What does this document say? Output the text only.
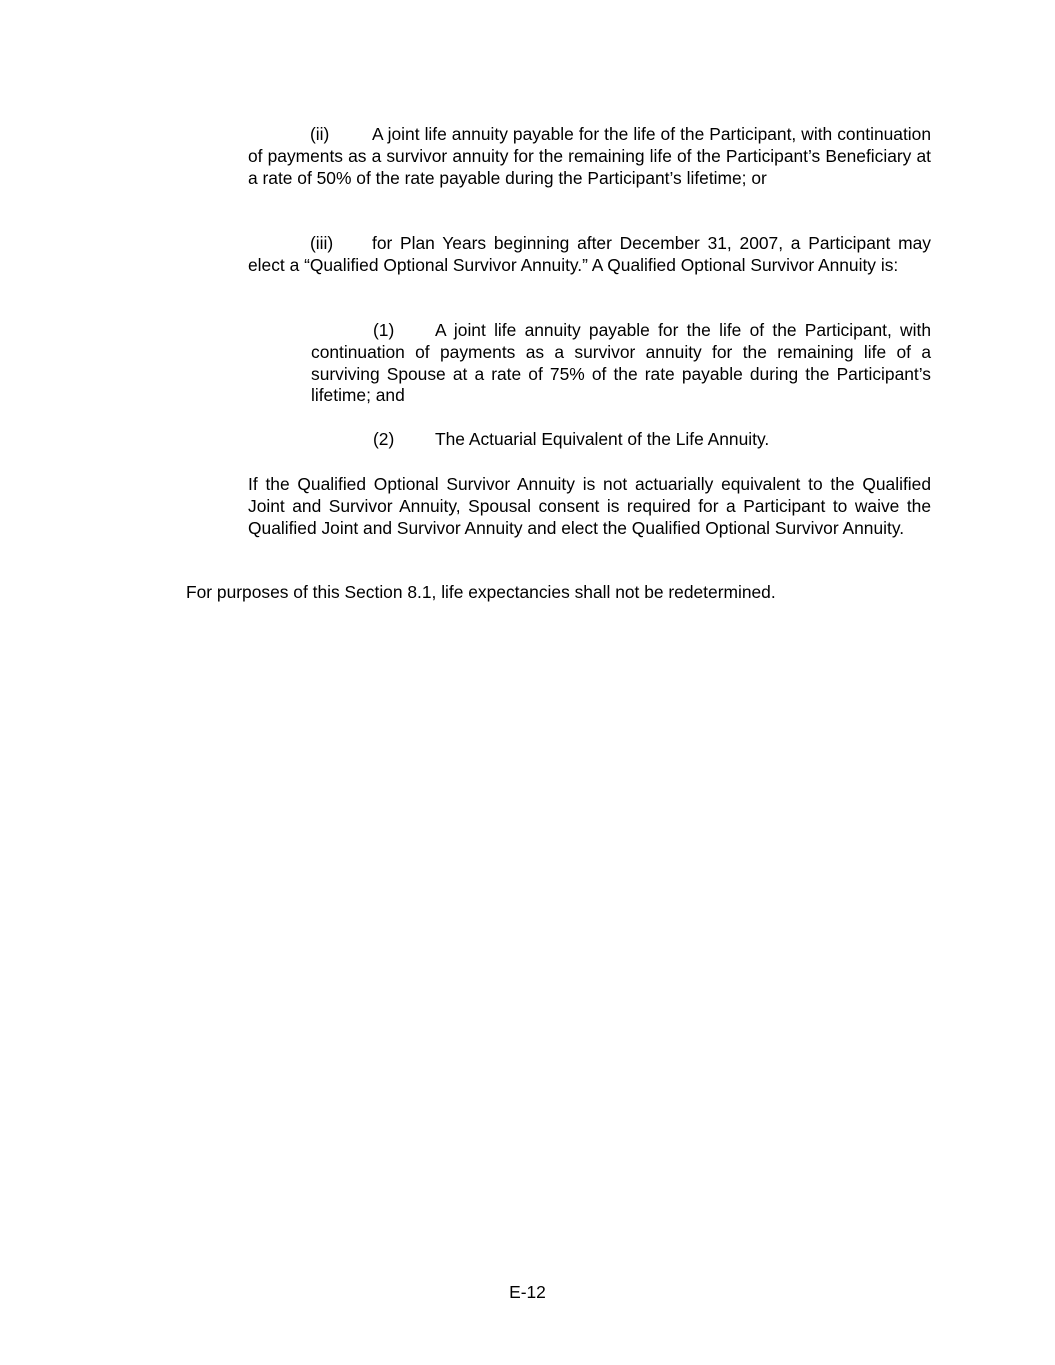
(ii) A joint life annuity payable for the life of the Participant, with continuation of payments as a survivor annuity for the remaining life of the Participant’s Beneficiary at a rate of 50% of the rate payable during the Participant’s lifetime; or

(iii) for Plan Years beginning after December 31, 2007, a Participant may elect a “Qualified Optional Survivor Annuity.” A Qualified Optional Survivor Annuity is:

(1) A joint life annuity payable for the life of the Participant, with continuation of payments as a survivor annuity for the remaining life of a surviving Spouse at a rate of 75% of the rate payable during the Participant’s lifetime; and

(2) The Actuarial Equivalent of the Life Annuity.

If the Qualified Optional Survivor Annuity is not actuarially equivalent to the Qualified Joint and Survivor Annuity, Spousal consent is required for a Participant to waive the Qualified Joint and Survivor Annuity and elect the Qualified Optional Survivor Annuity.

For purposes of this Section 8.1, life expectancies shall not be redetermined.

E-12
